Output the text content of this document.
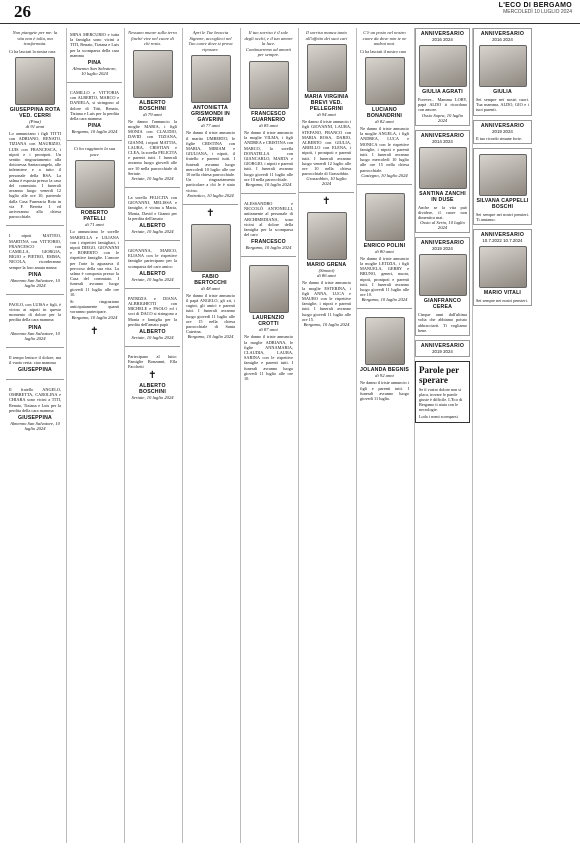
26	L'ECO DI BERGAMO
MERCOLEDÌ 10 LUGLIO 2024
Non piangete per me: la vita non è tolta, ma trasformata.
Ci ha lasciati la nostra cara
GIUSEPPINA ROTA VED. CERRI
(Pina)
di 91 anni
Lo annunciano i figli TITTI con ADRIANO, RENATO, TIZIANA con MAURIZIO, LUIS con FRANCESCA, i nipoti e i pronipoti. Un sentito ringraziamento alla dottoressa Santarcangelo, alle infermiere e a tutto il personale della RSA. La salma è esposta presso la casa del commiato. I funerali avranno luogo venerdì 12 luglio alle ore 10, partendo dalla Casa Funeraria Rota in via F. Beretta 1 ed arriveranno alla chiesa parrocchiale.
I nipoti MATTEO, MARTINA con VITTORIO, FRANCESCO con CAMILLA, GIORGIA, BIGIO e PIETRO, EMMA, NICOLA, ricorderanno sempre la loro amata nonna
PINA
Almenno San Salvatore, 10 luglio 2024
PAOLO, con LUISA e figli, è vicino ai nipoti in questo momento di dolore per la perdita della cara mamma
PINA
Almenno San Salvatore, 10 luglio 2024
Il tempo lenisce il dolore, ma il vuoto resta: ciao mamma
GIUSEPPINA
Il fratello ANGELO, OMBRETTA, CAROLINA e CHIARA sono vicini a TITI, Renato, Tiziana e Luis per la perdita della cara mamma
GIUSEPPINA
Almenno San Salvatore, 10 luglio 2024
MINA MERCURIO e tutta la famiglia sono vicini a TITI, Renato, Tiziana e Luis per la scomparsa della cara mamma
PINA
Almenno San Salvatore, 10 luglio 2024
CAMILLO e VITTORIA con ALBERTO, MARCO e DANIELA, si stringono al dolore di Titti, Renato, Tiziana e Luis per la perdita della cara mamma
PINA
Bergamo, 10 luglio 2024
Ci ha raggiunto la sua pace
ROBERTO PATELLI
di 71 anni
Lo annunciano le sorelle MARIELLA e LILIANA con i rispettivi famigliari, i nipoti DIEGO, GIOVANNI e ROBERTO con le rispettive famiglie. L'amore per l'arte lo aguzzava il percorso della sua vita. La salma è composta presso la Casa del commiato. I funerali avranno luogo giovedì 11 luglio alle ore 10.
Si ringraziano anticipatamente quanti vorranno partecipare.
Bergamo, 10 luglio 2024
✝
Nessuno muore sulla terra finché vive nel cuore di chi resta.
ALBERTO BOSCHINI
di 79 anni
Ne danno l'annuncio la moglie MARIA, i figli MONIA con CLAUDIO, DAVID con TIZIANA, GIANNI, i nipoti MATTIA, LAURA, CRISTIAN e CLEA, la sorella FELICITA e parenti tutti. I funerali avranno luogo giovedì alle ore 10 nella parrocchiale di Seriate.
Seriate, 10 luglio 2024
La sorella FELICITA con GIOVANNI, MELISSA e famiglie, è vicina a Maria, Monia, David e Gianni per la perdita dell'amato
ALBERTO
Seriate, 10 luglio 2024
GIOVANNA, MARCO, ELIANA con le rispettive famiglie partecipano per la scomparsa del caro amico
ALBERTO
Seriate, 10 luglio 2024
PATRIZIA e DIANA ALBRIGHETTI con MICHELE e PAOLO ed i soci di DACO si stringono a Monia e famiglia per la perdita dell'amato papà
ALBERTO
Seriate, 10 luglio 2024
Partecipano al lutto: Famiglie Bonzanni, Ella Facchetti
✝
ALBERTO BOSCHINI
Seriate, 10 luglio 2024
Apri le Tue braccia Signore, accoglieci nel Tuo cuore dove si prova riposare.
ANTONIETTA GRISMONDI IN GAVERINI
di 77 anni
Ne danno il triste annuncio il marito UMBERTO, le figlie CRISTINA con MARIA, MIRIAM e GIULIANA, i nipoti, il fratello e parenti tutti. I funerali avranno luogo mercoledì 10 luglio alle ore 10 nella chiesa parrocchiale. Un ringraziamento particolare a chi le è stato vicino.
Entratico, 10 luglio 2024
✝
FABIO BERTOCCHI
di 48 anni
Ne danno il triste annuncio il papà ANGELO, gli zii, i cugini, gli amici e parenti tutti. I funerali avranno luogo giovedì 11 luglio alle ore 15 nella chiesa parrocchiale di Santa Caterina.
Bergamo, 10 luglio 2024
Il tuo sorriso è il sole degli occhi, e il tuo amore la luce.
Continueremo ad amarti per sempre.
FRANCESCO GUARNERIO
di 85 anni
Ne danno il triste annuncio la moglie VILMA, i figli ANDREA e CRISTINA con MARCO, la sorella DONATELLA con GIANCARLO, MARTA e GIORGIO, i nipoti e parenti tutti. I funerali avranno luogo giovedì 11 luglio alle ore 10 nella parrocchiale.
Bergamo, 10 luglio 2024
ALESSANDRO e NICCOLÒ ANTONELLI, unitamente al personale di ARCHIMEDIANA, sono vicini al dolore della famiglia per la scomparsa del caro
FRANCESCO
Bergamo, 10 luglio 2024
LAURENZIO CROTTI
di 87 anni
Ne danno il triste annuncio la moglie ADRIANA, le figlie ANNAMARIA, CLAUDIA, LAURA, SARINA con le rispettive famiglie e parenti tutti. I funerali avranno luogo giovedì 11 luglio alle ore 10.
Il sorriso manca tanto all'affetto dei suoi cari
MARIA VIRGINIA BREVI VED. PELLEGRINI
di 94 anni
Ne danno il triste annuncio i figli GIOVANNI, LAURA, STEFANO, FRANCO con MARIA ROSA, DARIO, ALBERTO con GIULIA, ARIELLO con ELENA, i nipoti, i pronipoti e parenti tutti. I funerali avranno luogo venerdì 12 luglio alle ore 10 nella chiesa parrocchiale di Grassobbio.
Grassobbio, 10 luglio 2024
✝
MARIO GRENA
(Simoni)
di 86 anni
Ne danno il triste annuncio la moglie ESTERINA, i figli ANNA, LUCA e MAURO con le rispettive famiglie, i nipoti e parenti tutti. I funerali avranno luogo giovedì 11 luglio alle ore 15.
Bergamo, 10 luglio 2024
C'è un posto nel nostro cuore da dove non te ne andrai mai.
Ci ha lasciati il nostro caro
LUCIANO BONANDRINI
di 82 anni
Ne danno il triste annuncio la moglie ANGELA, i figli ANDREA, LUCA e MONICA con le rispettive famiglie, i nipoti e parenti tutti. I funerali avranno luogo mercoledì 10 luglio alle ore 15 nella chiesa parrocchiale.
Castegno, 10 luglio 2024
ENRICO POLINI
di 80 anni
Ne danno il triste annuncio la moglie LETIZIA, i figli MANUELA, GERRY e BRUNO, generi, nuora, nipoti, pronipoti e parenti tutti. I funerali avranno luogo giovedì 11 luglio alle ore 10.
Bergamo, 10 luglio 2024
JOLANDA BEGNIS
di 92 anni
Ne danno il triste annuncio i figli e parenti tutti. I funerali avranno luogo giovedì 11 luglio.
ANNIVERSARIO
2016 2024
GIULIA AGRATI
Forever... Mamma LORY, papà ALDO ti ricordano con amore.
Ossio Sopra, 10 luglio 2024
ANNIVERSARIO
2014 2024
SANTINA ZANCHI IN DUSE
Anche se la vita può dividere, il cuore non dimentica mai.
Ossio al Serio, 10 luglio 2024
ANNIVERSARIO
2019 2024
GIANFRANCO CEREA
Cinque anni dall'ultima volta che abbiamo potuto abbracciarti. Ti vogliamo bene.
ANNIVERSARIO
2019 2024
Parole per sperare
Se il vostro dolore non si placa, trovare le parole giuste è difficile. L'Eco di Bergamo ti aiuta con le necrologie.
Lodo i nomi scomparsi
ANNIVERSARIO
2016 2024
GIULIA
Sei sempre nei nostri cuori. Tua mamma, ALDO, GIO e i tuoi parenti.
ANNIVERSARIO
2019 2024
Il tuo ricordo rimane forte.
SILVANA CAPPELLI BOSCHI
Sei sempre nei nostri pensieri. Ti amiamo.
ANNIVERSARIO
10.7.2022 10.7.2024
MARIO VITALI
Sei sempre nei nostri pensieri.
